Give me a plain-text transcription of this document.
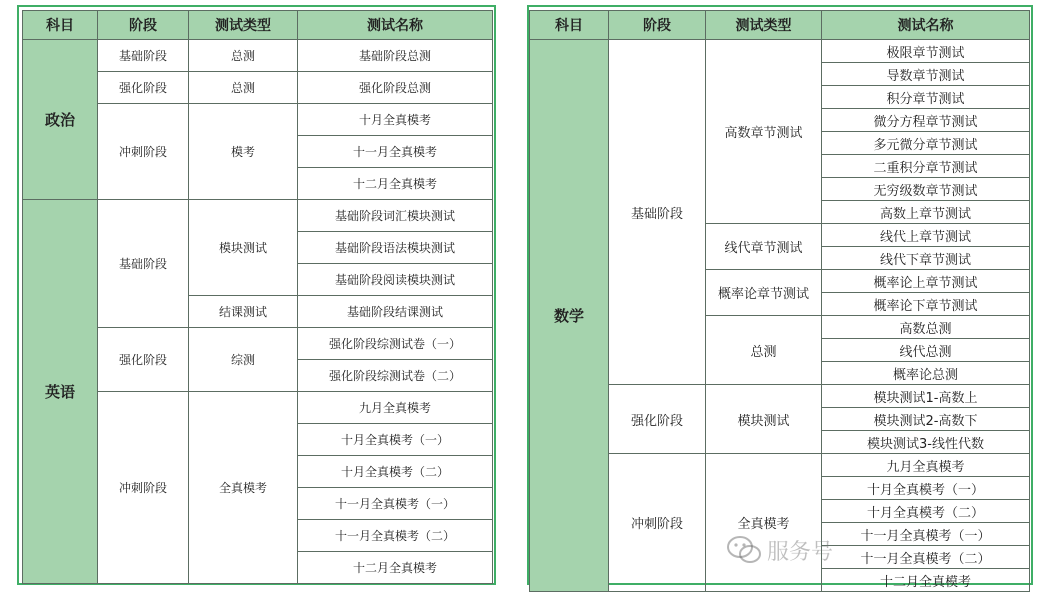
科目	阶段	测试类型	测试名称
政治	基础阶段	总测	基础阶段总测
	强化阶段	总测	强化阶段总测
	冲刺阶段	模考	十月全真模考
			十一月全真模考
			十二月全真模考
英语	基础阶段	模块测试	基础阶段词汇模块测试
			基础阶段语法模块测试
			基础阶段阅读模块测试
		结课测试	基础阶段结课测试
	强化阶段	综测	强化阶段综测试卷（一）
			强化阶段综测试卷（二）
	冲刺阶段	全真模考	九月全真模考
			十月全真模考（一）
			十月全真模考（二）
			十一月全真模考（一）
			十一月全真模考（二）
			十二月全真模考
科目	阶段	测试类型	测试名称
数学	基础阶段	高数章节测试	极限章节测试
			导数章节测试
			积分章节测试
			微分方程章节测试
			多元微分章节测试
			二重积分章节测试
			无穷级数章节测试
			高数上章节测试
		线代章节测试	线代上章节测试
			线代下章节测试
		概率论章节测试	概率论上章节测试
			概率论下章节测试
		总测	高数总测
			线代总测
			概率论总测
	强化阶段	模块测试	模块测试1-高数上
			模块测试2-高数下
			模块测试3-线性代数
	冲刺阶段	全真模考	九月全真模考
			十月全真模考（一）
			十月全真模考（二）
			十一月全真模考（一）
			十一月全真模考（二）
			十二月全真模考
服务号
